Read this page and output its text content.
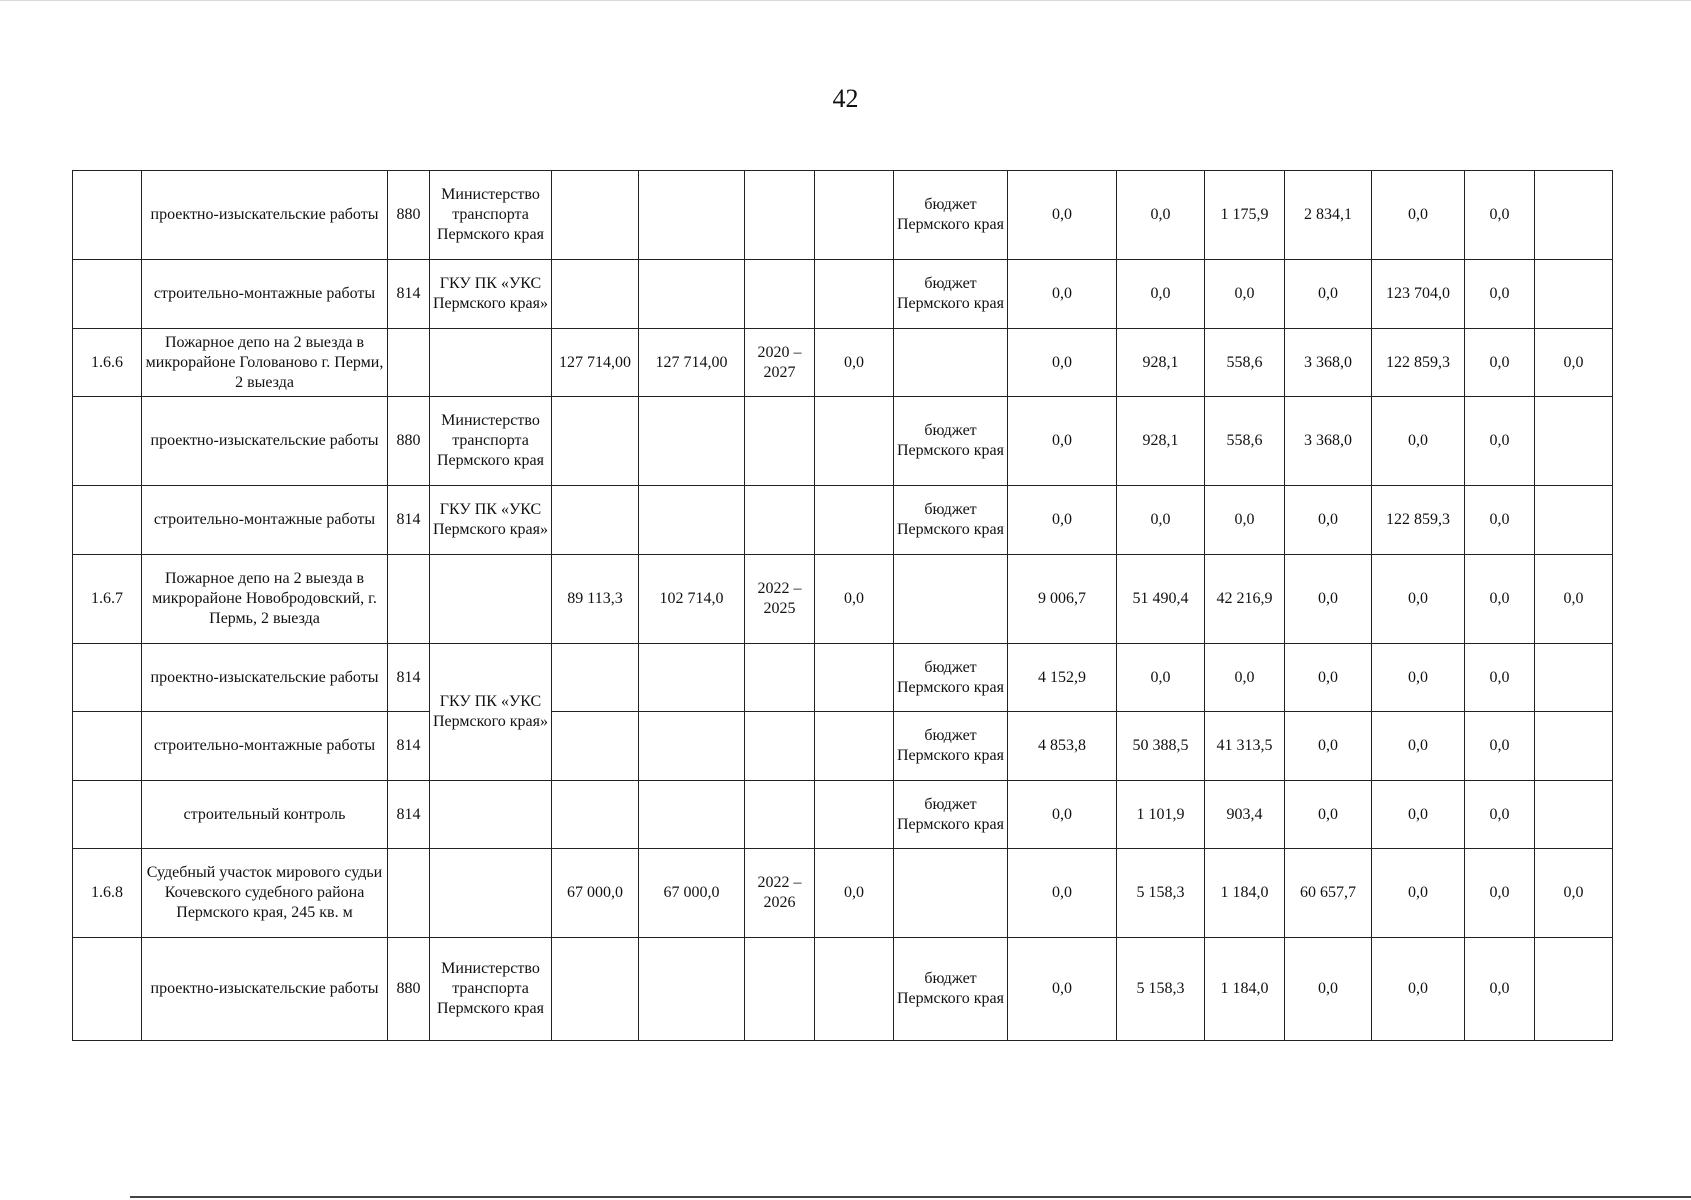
42
	проектно-изыскательские работы	880	Министерство транспорта Пермского края					бюджет Пермского края	0,0	0,0	1 175,9	2 834,1	0,0	0,0	
	строительно-монтажные работы	814	ГКУ ПК «УКС Пермского края»					бюджет Пермского края	0,0	0,0	0,0	0,0	123 704,0	0,0	
1.6.6	Пожарное депо на 2 выезда в микрорайоне Голованово г. Перми, 2 выезда			127 714,00	127 714,00	2020 – 2027	0,0		0,0	928,1	558,6	3 368,0	122 859,3	0,0	0,0
	проектно-изыскательские работы	880	Министерство транспорта Пермского края					бюджет Пермского края	0,0	928,1	558,6	3 368,0	0,0	0,0	
	строительно-монтажные работы	814	ГКУ ПК «УКС Пермского края»					бюджет Пермского края	0,0	0,0	0,0	0,0	122 859,3	0,0	
1.6.7	Пожарное депо на 2 выезда в микрорайоне Новобродовский, г. Пермь, 2 выезда			89 113,3	102 714,0	2022 – 2025	0,0		9 006,7	51 490,4	42 216,9	0,0	0,0	0,0	0,0
	проектно-изыскательские работы	814	ГКУ ПК «УКС Пермского края»					бюджет Пермского края	4 152,9	0,0	0,0	0,0	0,0	0,0	
	строительно-монтажные работы	814						бюджет Пермского края	4 853,8	50 388,5	41 313,5	0,0	0,0	0,0	
	строительный контроль	814						бюджет Пермского края	0,0	1 101,9	903,4	0,0	0,0	0,0	
1.6.8	Судебный участок мирового судьи Кочевского судебного района Пермского края, 245 кв. м			67 000,0	67 000,0	2022 – 2026	0,0		0,0	5 158,3	1 184,0	60 657,7	0,0	0,0	0,0
	проектно-изыскательские работы	880	Министерство транспорта Пермского края					бюджет Пермского края	0,0	5 158,3	1 184,0	0,0	0,0	0,0	
